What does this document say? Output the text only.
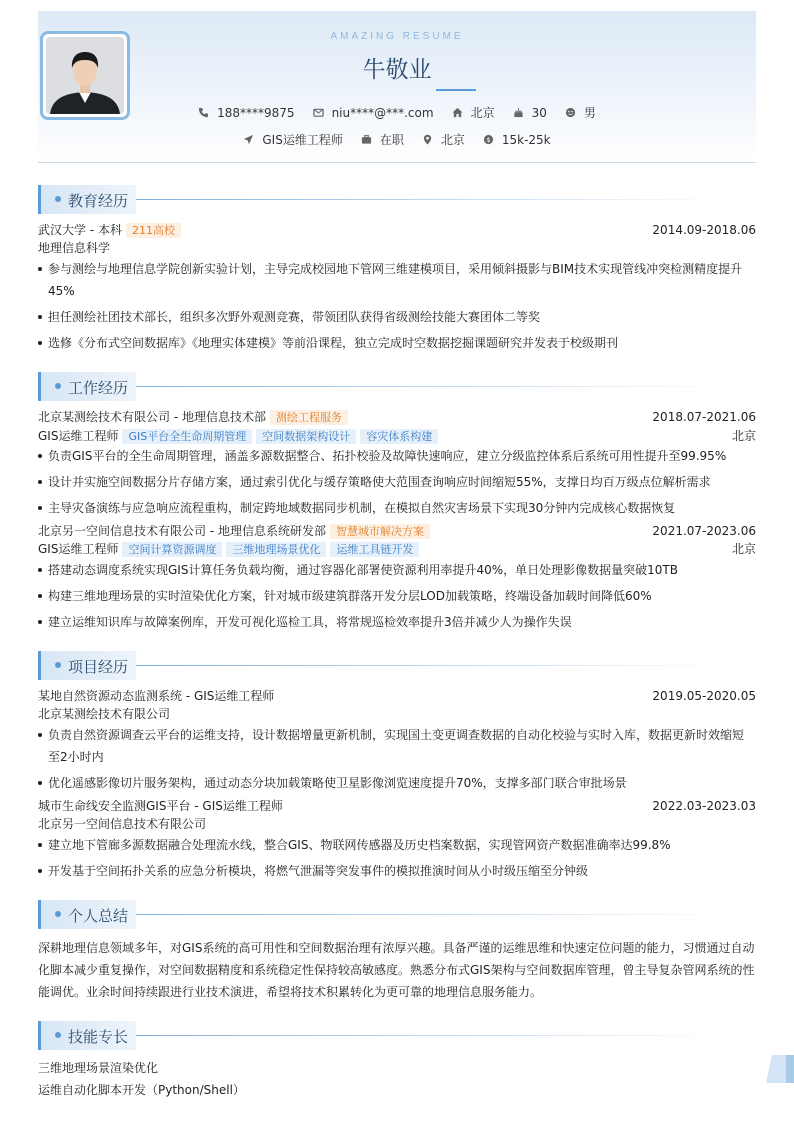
AMAZING RESUME
牛敬业
188****9875	niu****@***.com	北京	30	男
GIS运维工程师	在职	北京	$ 15k-25k
教育经历
武汉大学 - 本科 211高校	2014.09-2018.06
地理信息科学
参与测绘与地理信息学院创新实验计划，主导完成校园地下管网三维建模项目，采用倾斜摄影与BIM技术实现管线冲突检测精度提升
45%
担任测绘社团技术部长，组织多次野外观测竞赛，带领团队获得省级测绘技能大赛团体二等奖
选修《分布式空间数据库》《地理实体建模》等前沿课程，独立完成时空数据挖掘课题研究并发表于校级期刊
工作经历
北京某测绘技术有限公司 - 地理信息技术部 测绘工程服务	2018.07-2021.06
GIS运维工程师 GIS平台全生命周期管理 空间数据架构设计 容灾体系构建	北京
负责GIS平台的全生命周期管理，涵盖多源数据整合、拓扑校验及故障快速响应，建立分级监控体系后系统可用性提升至99.95%
设计并实施空间数据分片存储方案，通过索引优化与缓存策略使大范围查询响应时间缩短55%，支撑日均百万级点位解析需求
主导灾备演练与应急响应流程重构，制定跨地域数据同步机制，在模拟自然灾害场景下实现30分钟内完成核心数据恢复
北京另一空间信息技术有限公司 - 地理信息系统研发部 智慧城市解决方案	2021.07-2023.06
GIS运维工程师 空间计算资源调度 三维地理场景优化 运维工具链开发	北京
搭建动态调度系统实现GIS计算任务负载均衡，通过容器化部署使资源利用率提升40%，单日处理影像数据量突破10TB
构建三维地理场景的实时渲染优化方案，针对城市级建筑群落开发分层LOD加载策略，终端设备加载时间降低60%
建立运维知识库与故障案例库，开发可视化巡检工具，将常规巡检效率提升3倍并减少人为操作失误
项目经历
某地自然资源动态监测系统 - GIS运维工程师	2019.05-2020.05
北京某测绘技术有限公司
负责自然资源调查云平台的运维支持，设计数据增量更新机制，实现国土变更调查数据的自动化校验与实时入库，数据更新时效缩短
至2小时内
优化遥感影像切片服务架构，通过动态分块加载策略使卫星影像浏览速度提升70%，支撑多部门联合审批场景
城市生命线安全监测GIS平台 - GIS运维工程师	2022.03-2023.03
北京另一空间信息技术有限公司
建立地下管廊多源数据融合处理流水线，整合GIS、物联网传感器及历史档案数据，实现管网资产数据准确率达99.8%
开发基于空间拓扑关系的应急分析模块，将燃气泄漏等突发事件的模拟推演时间从小时级压缩至分钟级
个人总结
深耕地理信息领域多年，对GIS系统的高可用性和空间数据治理有浓厚兴趣。具备严谨的运维思维和快速定位问题的能力，习惯通过自动
化脚本减少重复操作，对空间数据精度和系统稳定性保持较高敏感度。熟悉分布式GIS架构与空间数据库管理，曾主导复杂管网系统的性
能调优。业余时间持续跟进行业技术演进，希望将技术积累转化为更可靠的地理信息服务能力。
技能专长
三维地理场景渲染优化
运维自动化脚本开发（Python/Shell）
